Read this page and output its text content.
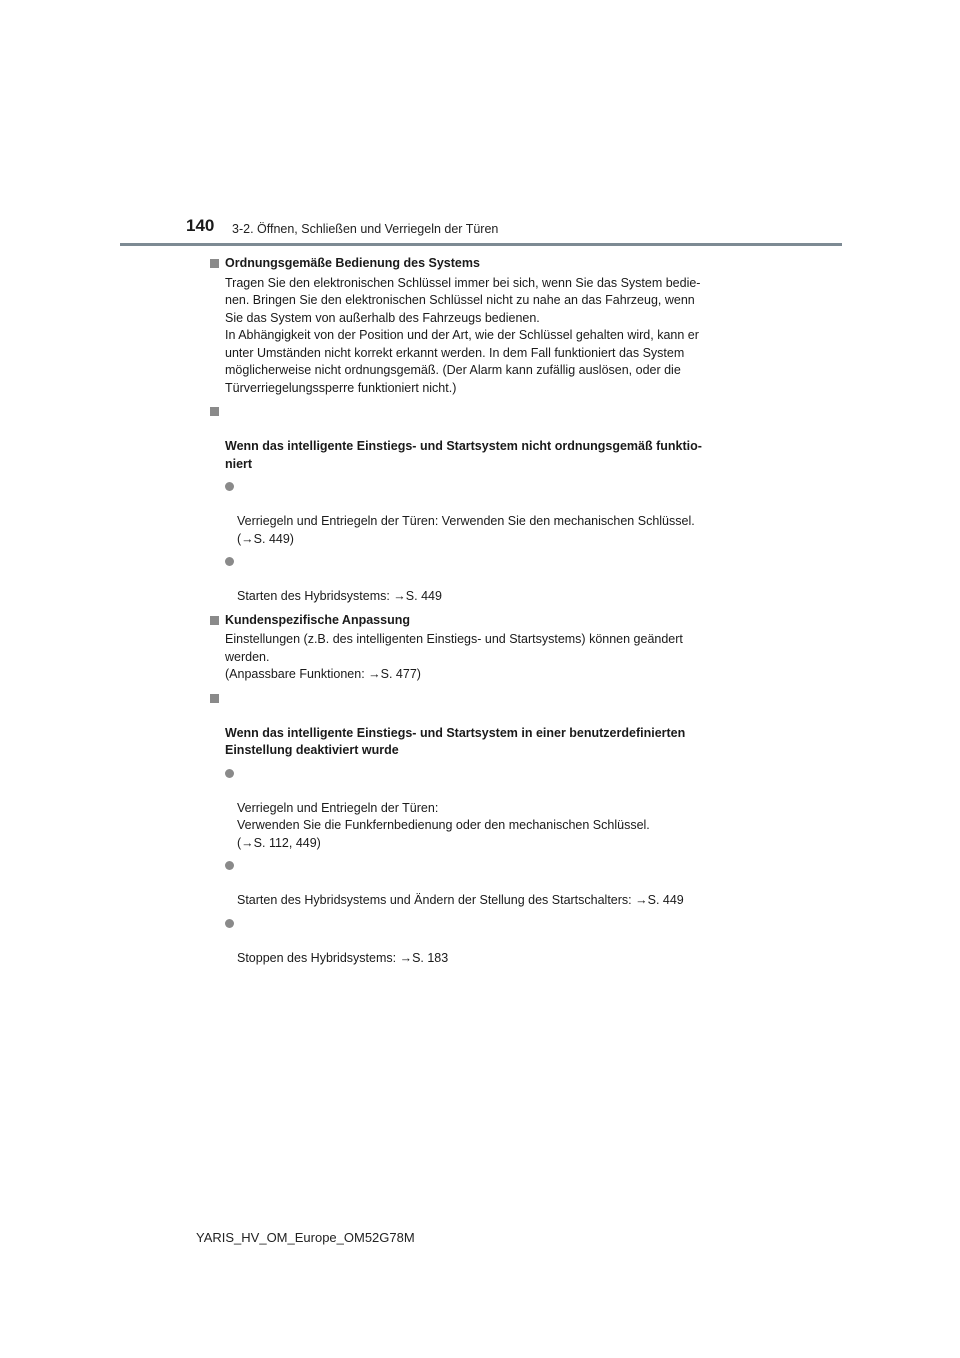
140 3-2. Öffnen, Schließen und Verriegeln der Türen
Ordnungsgemäße Bedienung des Systems
Tragen Sie den elektronischen Schlüssel immer bei sich, wenn Sie das System bedie-
nen. Bringen Sie den elektronischen Schlüssel nicht zu nahe an das Fahrzeug, wenn
Sie das System von außerhalb des Fahrzeugs bedienen.
In Abhängigkeit von der Position und der Art, wie der Schlüssel gehalten wird, kann er
unter Umständen nicht korrekt erkannt werden. In dem Fall funktioniert das System
möglicherweise nicht ordnungsgemäß. (Der Alarm kann zufällig auslösen, oder die
Türverriegelungssperre funktioniert nicht.)

Wenn das intelligente Einstiegs- und Startsystem nicht ordnungsgemäß funktio-
niert

Verriegeln und Entriegeln der Türen: Verwenden Sie den mechanischen Schlüssel.
(→S. 449)

Starten des Hybridsystems: →S. 449

Kundenspezifische Anpassung
Einstellungen (z.B. des intelligenten Einstiegs- und Startsystems) können geändert
werden.
(Anpassbare Funktionen: →S. 477)

Wenn das intelligente Einstiegs- und Startsystem in einer benutzerdefinierten
Einstellung deaktiviert wurde

Verriegeln und Entriegeln der Türen:
Verwenden Sie die Funkfernbedienung oder den mechanischen Schlüssel.
(→S. 112, 449)

Starten des Hybridsystems und Ändern der Stellung des Startschalters: →S. 449

Stoppen des Hybridsystems: →S. 183

YARIS_HV_OM_Europe_OM52G78M
